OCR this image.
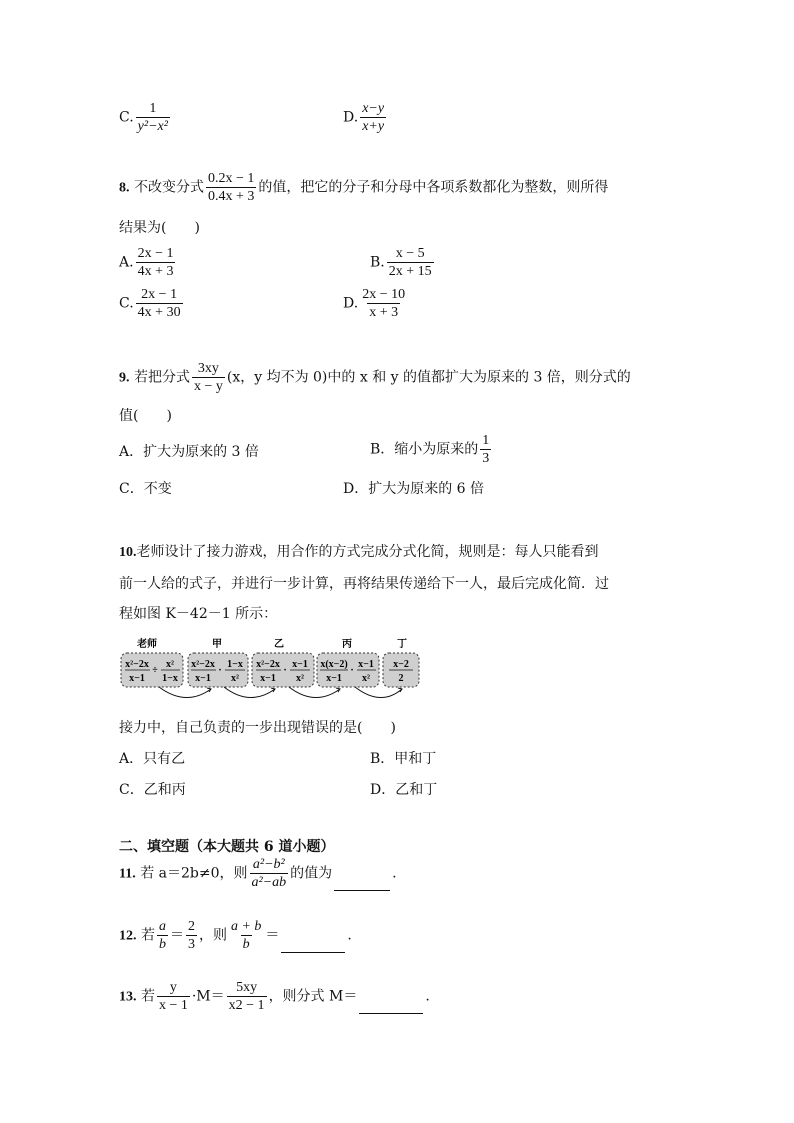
C. $\frac{1}{\text{y²−x²}}$	D. $\frac{x-y}{x+y}$
8. 不改变分式 $\frac{0.2x - 1}{0.4x + 3}$ 的值，把它的分子和分母中各项系数都化为整数，则所得
结果为(　　)
A. $\frac{2x - 1}{4x + 3}$	B. $\frac{x - 5}{2x + 15}$
C. $\frac{2x - 1}{4x + 30}$	D. $\frac{2x - 10}{x + 3}$
9. 若把分式 $\frac{3xy}{x - y} (x$，y 均不为 0)中的 x 和 y 的值都扩大为原来的 3 倍，则分式的
值(　　)
A．扩大为原来的 3 倍	B．缩小为原来的 $\frac{1}{3}$
C．不变	D．扩大为原来的 6 倍
10.老师设计了接力游戏，用合作的方式完成分式化简，规则是：每人只能看到
前一人给的式子，并进行一步计算，再将结果传递给下一人，最后完成化简．过
程如图 K－42－1 所示：
老师	甲	乙	丙	丁
x²−2x
x−1
÷
x²
1−x
x²−2x
x−1
·
1−x
x²
x²−2x
x−1
·
x−1
x²
x(x−2)
x−1
·
x−1
x²
x−2
2
接力中，自己负责的一步出现错误的是(　　)
A．只有乙	B．甲和丁
C．乙和丙	D．乙和丁
二、填空题（本大题共 6 道小题）
11. 若 a＝2b≠0，则 $\frac{\text{a²−b²}}{\text{a²−ab}}$ 的值为	.
12. 若 $\frac{a}{b} = \frac{2}{3}$ ，则 $\frac{a + b}{b}$ ＝	.
13. 若 $\frac{y}{x - 1} \cdot M= \frac{5xy}{x2 - 1}$ ，则分式 M＝	.
